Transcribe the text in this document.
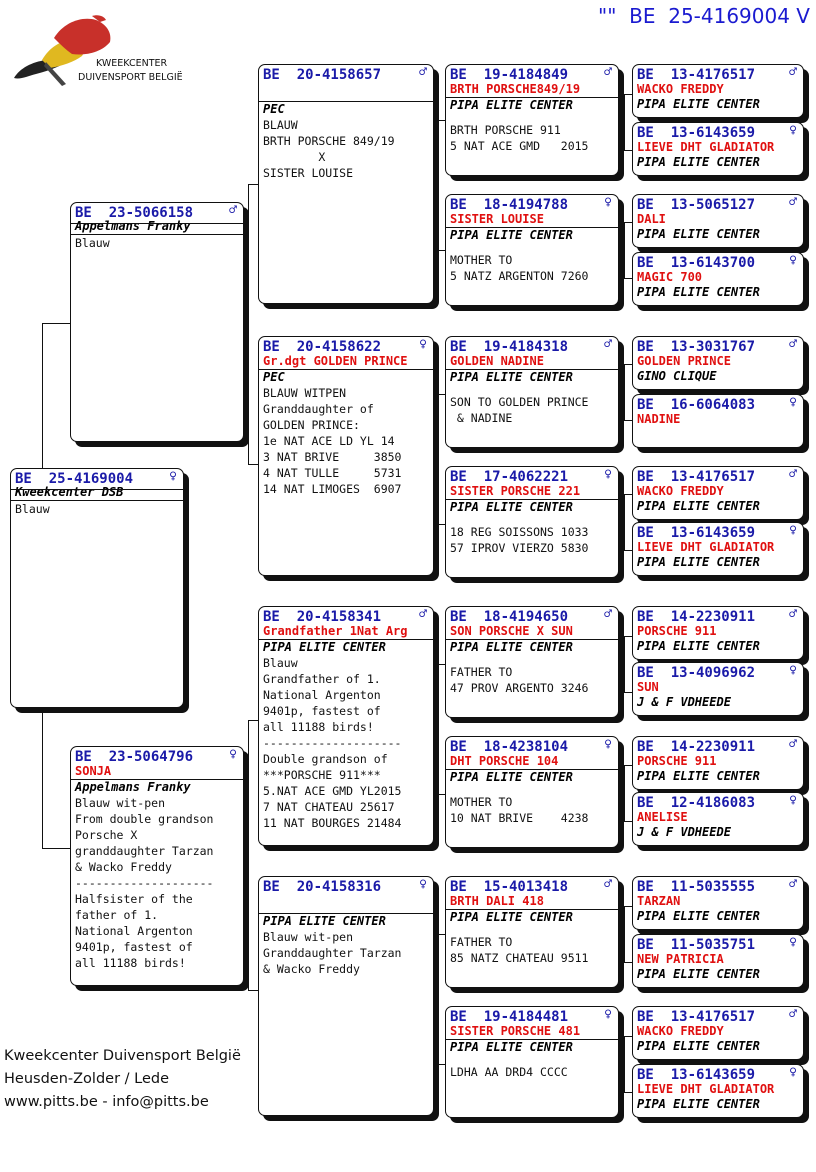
KWEEKCENTER
DUIVENSPORT BELGIË
"" BE  25-4169004 V
BE  25-4169004	♀
Kweekcenter DSB
Blauw
BE  23-5066158	♂
Appelmans Franky
Blauw
BE  23-5064796	♀
SONJA
Appelmans Franky
Blauw wit-pen
From double grandson
Porsche X
granddaughter Tarzan
& Wacko Freddy
--------------------
Halfsister of the
father of 1.
National Argenton
9401p, fastest of
all 11188 birds!
BE  20-4158657	♂
PEC
BLAUW
BRTH PORSCHE 849/19
X
SISTER LOUISE
BE  20-4158622	♀
Gr.dgt GOLDEN PRINCE
PEC
BLAUW WITPEN
Granddaughter of
GOLDEN PRINCE:
1e NAT ACE LD YL 14
3 NAT BRIVE     3850
4 NAT TULLE     5731
14 NAT LIMOGES  6907
BE  20-4158341	♂
Grandfather 1Nat Arg
PIPA ELITE CENTER
Blauw
Grandfather of 1.
National Argenton
9401p, fastest of
all 11188 birds!
--------------------
Double grandson of
***PORSCHE 911***
5.NAT ACE GMD YL2015
7 NAT CHATEAU 25617
11 NAT BOURGES 21484
BE  20-4158316	♀
PIPA ELITE CENTER
Blauw wit-pen
Granddaughter Tarzan
& Wacko Freddy
BE  19-4184849	♂
BRTH PORSCHE849/19
PIPA ELITE CENTER
BRTH PORSCHE 911
5 NAT ACE GMD   2015
BE  18-4194788	♀
SISTER LOUISE
PIPA ELITE CENTER
MOTHER TO
5 NATZ ARGENTON 7260
BE  19-4184318	♂
GOLDEN NADINE
PIPA ELITE CENTER
SON TO GOLDEN PRINCE
& NADINE
BE  17-4062221	♀
SISTER PORSCHE 221
PIPA ELITE CENTER
18 REG SOISSONS 1033
57 IPROV VIERZO 5830
BE  18-4194650	♂
SON PORSCHE X SUN
PIPA ELITE CENTER
FATHER TO
47 PROV ARGENTO 3246
BE  18-4238104	♀
DHT PORSCHE 104
PIPA ELITE CENTER
MOTHER TO
10 NAT BRIVE    4238
BE  15-4013418	♂
BRTH DALI 418
PIPA ELITE CENTER
FATHER TO
85 NATZ CHATEAU 9511
BE  19-4184481	♀
SISTER PORSCHE 481
PIPA ELITE CENTER
LDHA AA DRD4 CCCC
BE  13-4176517	♂
WACKO FREDDY
PIPA ELITE CENTER
BE  13-6143659	♀
LIEVE DHT GLADIATOR
PIPA ELITE CENTER
BE  13-5065127	♂
DALI
PIPA ELITE CENTER
BE  13-6143700	♀
MAGIC 700
PIPA ELITE CENTER
BE  13-3031767	♂
GOLDEN PRINCE
GINO CLIQUE
BE  16-6064083	♀
NADINE
BE  13-4176517	♂
WACKO FREDDY
PIPA ELITE CENTER
BE  13-6143659	♀
LIEVE DHT GLADIATOR
PIPA ELITE CENTER
BE  14-2230911	♂
PORSCHE 911
PIPA ELITE CENTER
BE  13-4096962	♀
SUN
J & F VDHEEDE
BE  14-2230911	♂
PORSCHE 911
PIPA ELITE CENTER
BE  12-4186083	♀
ANELISE
J & F VDHEEDE
BE  11-5035555	♂
TARZAN
PIPA ELITE CENTER
BE  11-5035751	♀
NEW PATRICIA
PIPA ELITE CENTER
BE  13-4176517	♂
WACKO FREDDY
PIPA ELITE CENTER
BE  13-6143659	♀
LIEVE DHT GLADIATOR
PIPA ELITE CENTER
Kweekcenter Duivensport België
Heusden-Zolder / Lede
www.pitts.be - info@pitts.be
